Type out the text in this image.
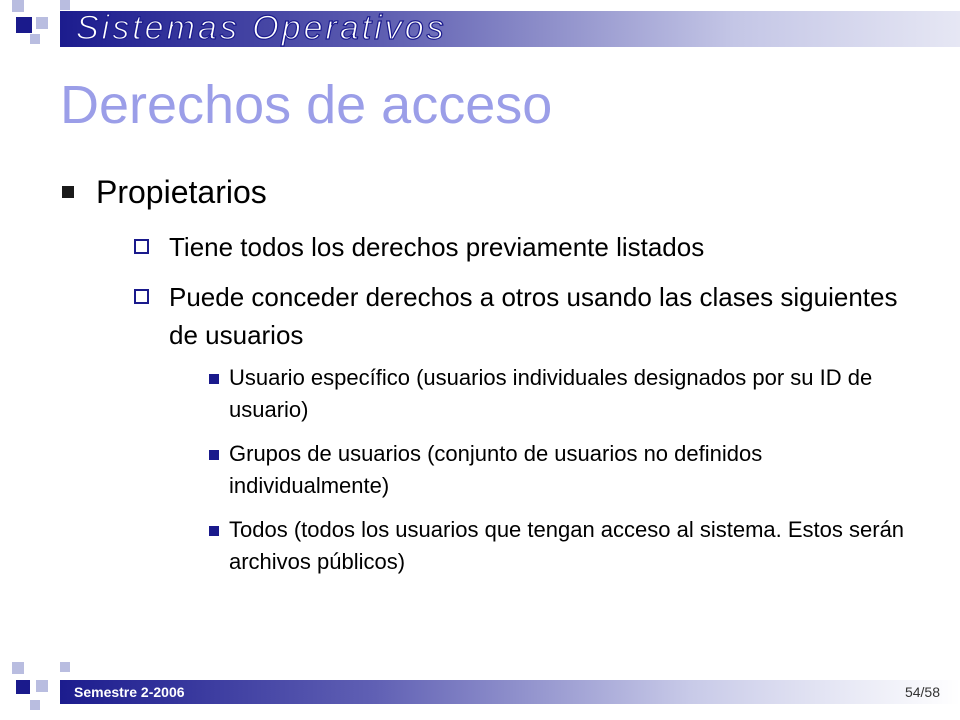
Sistemas Operativos
Derechos de acceso
Propietarios
Tiene todos los derechos previamente listados
Puede conceder derechos a otros usando las clases siguientes de usuarios
Usuario específico (usuarios individuales designados por su ID de usuario)
Grupos de usuarios (conjunto de usuarios no definidos individualmente)
Todos (todos los usuarios que tengan acceso al sistema. Estos serán archivos públicos)
Semestre 2-2006	54/58
